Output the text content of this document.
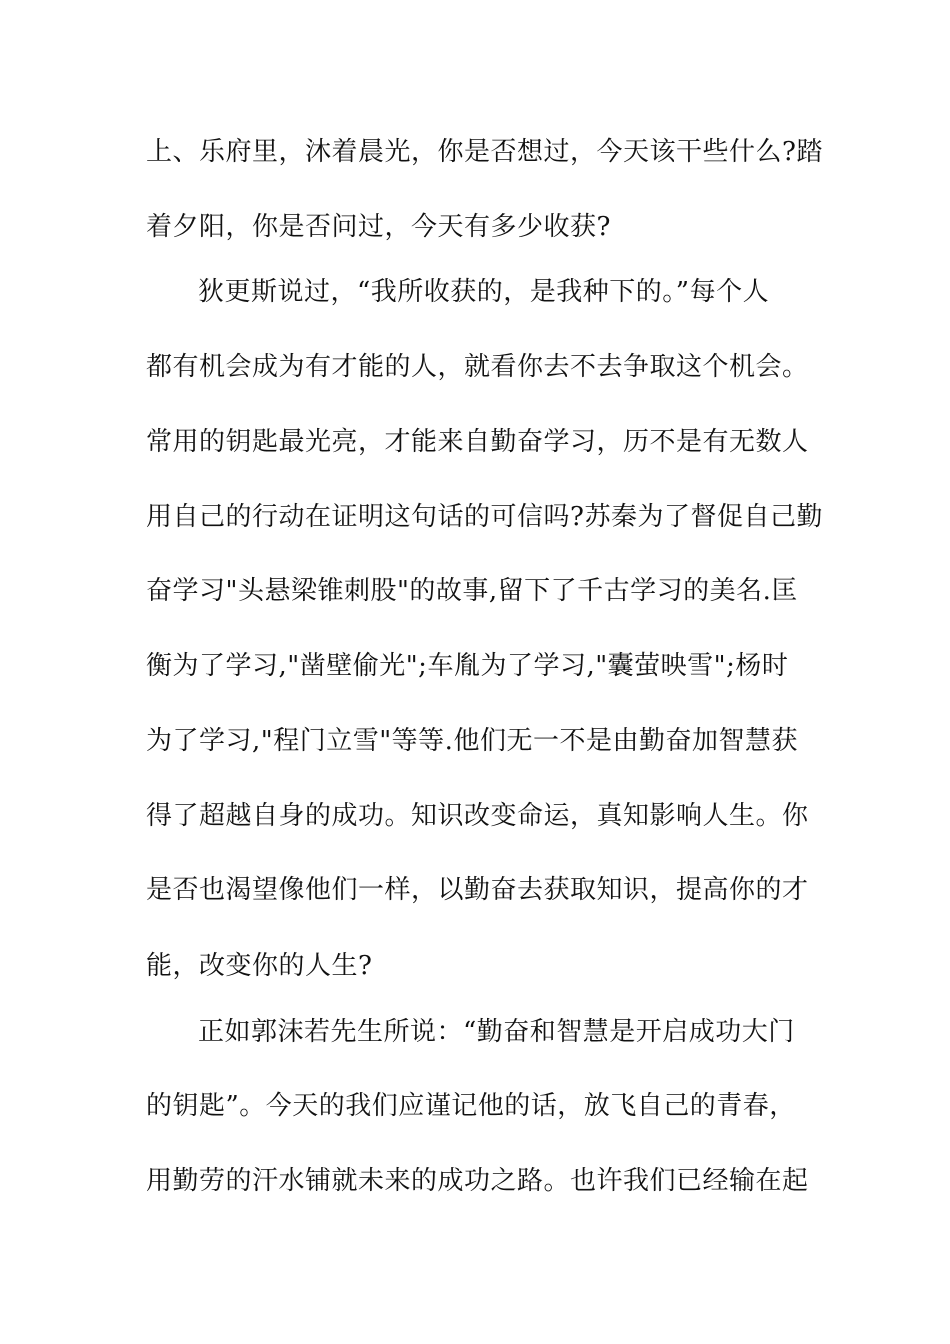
上、乐府里，沐着晨光，你是否想过，今天该干些什么?踏
着夕阳，你是否问过，今天有多少收获?
狄更斯说过，“我所收获的，是我种下的。”每个人
都有机会成为有才能的人，就看你去不去争取这个机会。
常用的钥匙最光亮，才能来自勤奋学习，历不是有无数人
用自己的行动在证明这句话的可信吗?苏秦为了督促自己勤
奋学习"头悬梁锥刺股"的故事,留下了千古学习的美名.匡
衡为了学习,"凿壁偷光";车胤为了学习,"囊萤映雪";杨时
为了学习,"程门立雪"等等.他们无一不是由勤奋加智慧获
得了超越自身的成功。知识改变命运，真知影响人生。你
是否也渴望像他们一样，以勤奋去获取知识，提高你的才
能，改变你的人生?
正如郭沫若先生所说：“勤奋和智慧是开启成功大门
的钥匙”。今天的我们应谨记他的话，放飞自己的青春，
用勤劳的汗水铺就未来的成功之路。也许我们已经输在起
